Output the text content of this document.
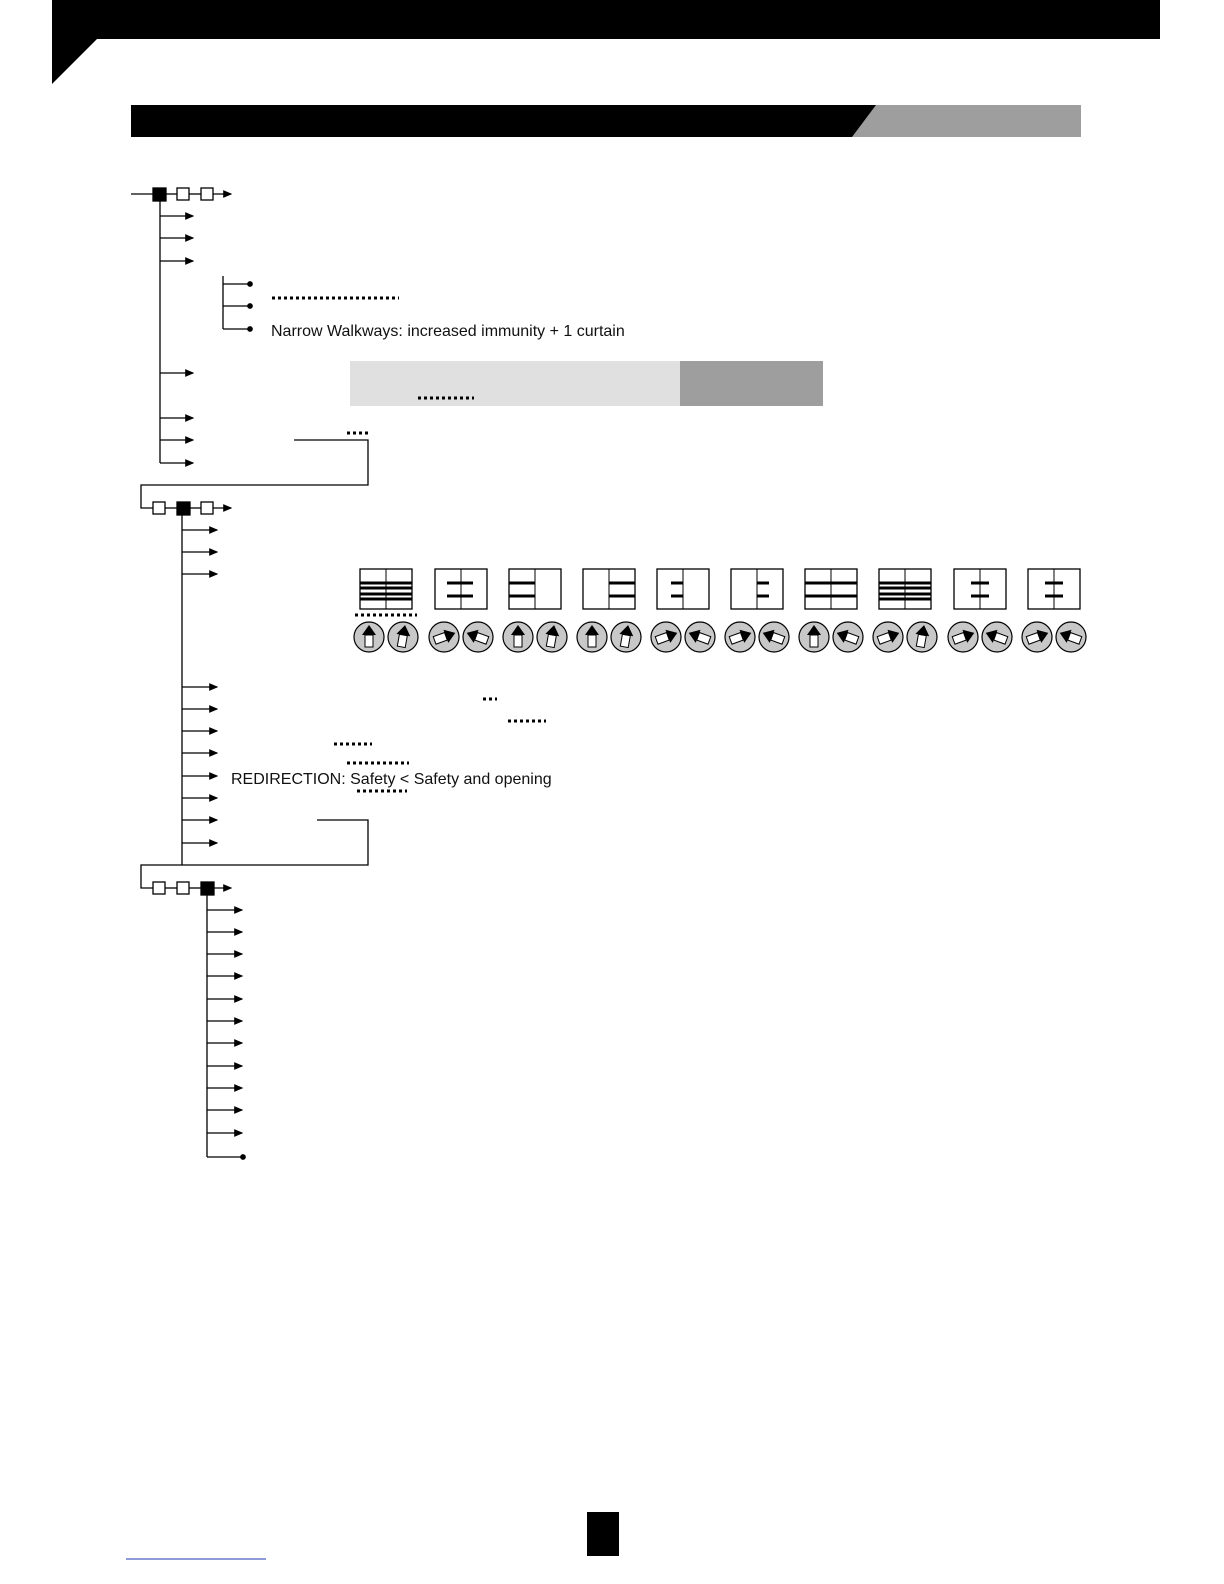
Narrow Walkways: increased immunity + 1 curtain
REDIRECTION: Safety < Safety and opening
